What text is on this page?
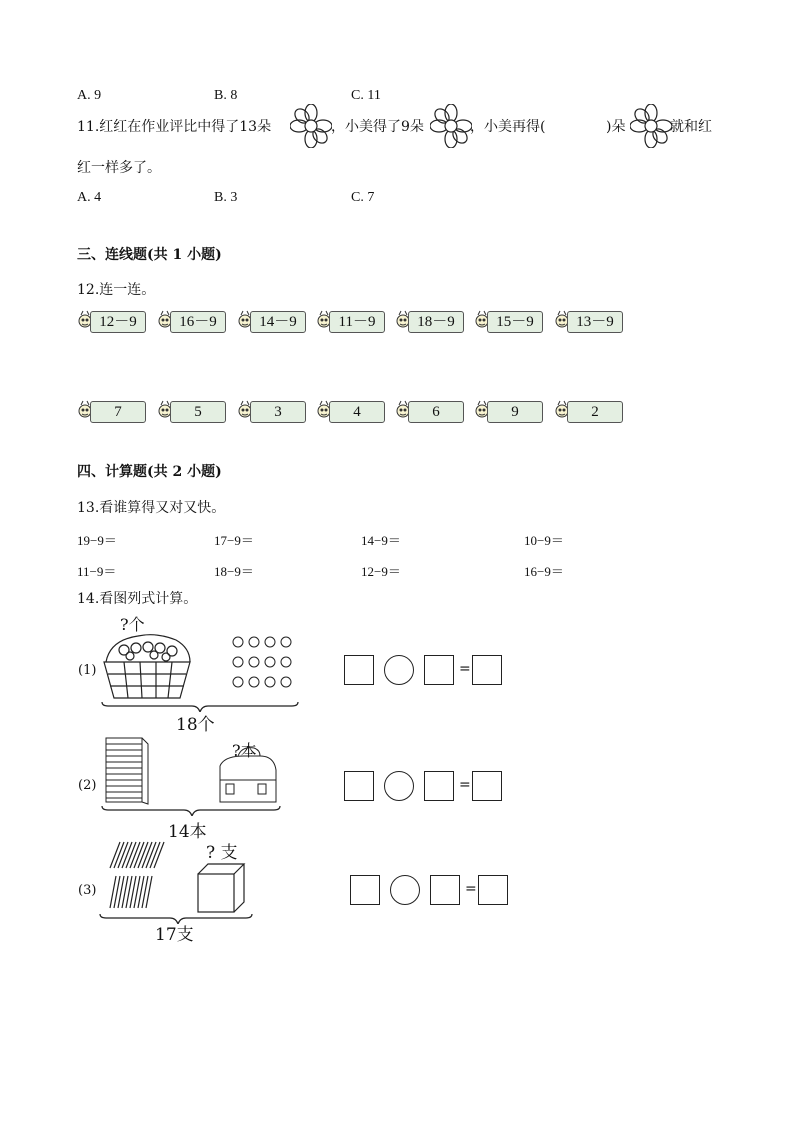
A. 9	B. 8	C. 11
11.红红在作业评比中得了13朵	，小美得了9朵	，小美再得(	)朵	就和红
红一样多了。
A. 4	B. 3	C. 7
三、连线题(共 1 小题)
12.连一连。
12－9	16－9	14－9	11－9	18－9	15－9	13－9
7	5	3	4	6	9	2
四、计算题(共 2 小题)
13.看谁算得又对又快。
19−9＝	17−9＝	14−9＝	10−9＝
11−9＝	18−9＝	12−9＝	16−9＝
14.看图列式计算。
(1)
?个
18个
(2)
?本
14本
(3)
? 支
17支
=
=
=
